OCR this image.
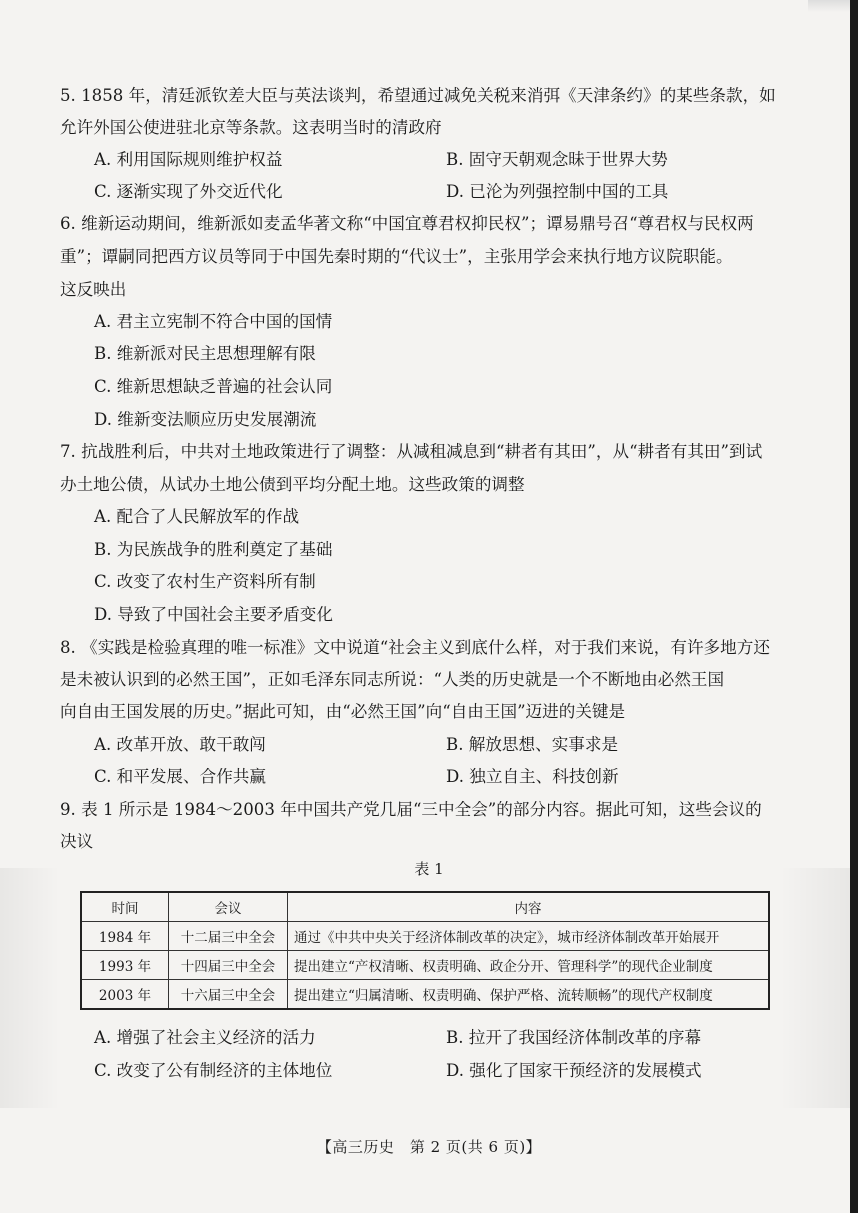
5. 1858 年，清廷派钦差大臣与英法谈判，希望通过减免关税来消弭《天津条约》的某些条款，如
允许外国公使进驻北京等条款。这表明当时的清政府
A. 利用国际规则维护权益	B. 固守天朝观念昧于世界大势
C. 逐渐实现了外交近代化	D. 已沦为列强控制中国的工具
6. 维新运动期间，维新派如麦孟华著文称“中国宜尊君权抑民权”；谭易鼎号召“尊君权与民权两
重”；谭嗣同把西方议员等同于中国先秦时期的“代议士”，主张用学会来执行地方议院职能。
这反映出
A. 君主立宪制不符合中国的国情
B. 维新派对民主思想理解有限
C. 维新思想缺乏普遍的社会认同
D. 维新变法顺应历史发展潮流
7. 抗战胜利后，中共对土地政策进行了调整：从减租减息到“耕者有其田”，从“耕者有其田”到试
办土地公债，从试办土地公债到平均分配土地。这些政策的调整
A. 配合了人民解放军的作战
B. 为民族战争的胜利奠定了基础
C. 改变了农村生产资料所有制
D. 导致了中国社会主要矛盾变化
8. 《实践是检验真理的唯一标准》文中说道“社会主义到底什么样，对于我们来说，有许多地方还
是未被认识到的必然王国”，正如毛泽东同志所说：“人类的历史就是一个不断地由必然王国
向自由王国发展的历史。”据此可知，由“必然王国”向“自由王国”迈进的关键是
A. 改革开放、敢干敢闯	B. 解放思想、实事求是
C. 和平发展、合作共赢	D. 独立自主、科技创新
9. 表 1 所示是 1984～2003 年中国共产党几届“三中全会”的部分内容。据此可知，这些会议的
决议
表 1
时间	会议	内容
1984 年	十二届三中全会	通过《中共中央关于经济体制改革的决定》，城市经济体制改革开始展开
1993 年	十四届三中全会	提出建立“产权清晰、权责明确、政企分开、管理科学”的现代企业制度
2003 年	十六届三中全会	提出建立“归属清晰、权责明确、保护严格、流转顺畅”的现代产权制度
A. 增强了社会主义经济的活力	B. 拉开了我国经济体制改革的序幕
C. 改变了公有制经济的主体地位	D. 强化了国家干预经济的发展模式
【高三历史　第 2 页(共 6 页)】
